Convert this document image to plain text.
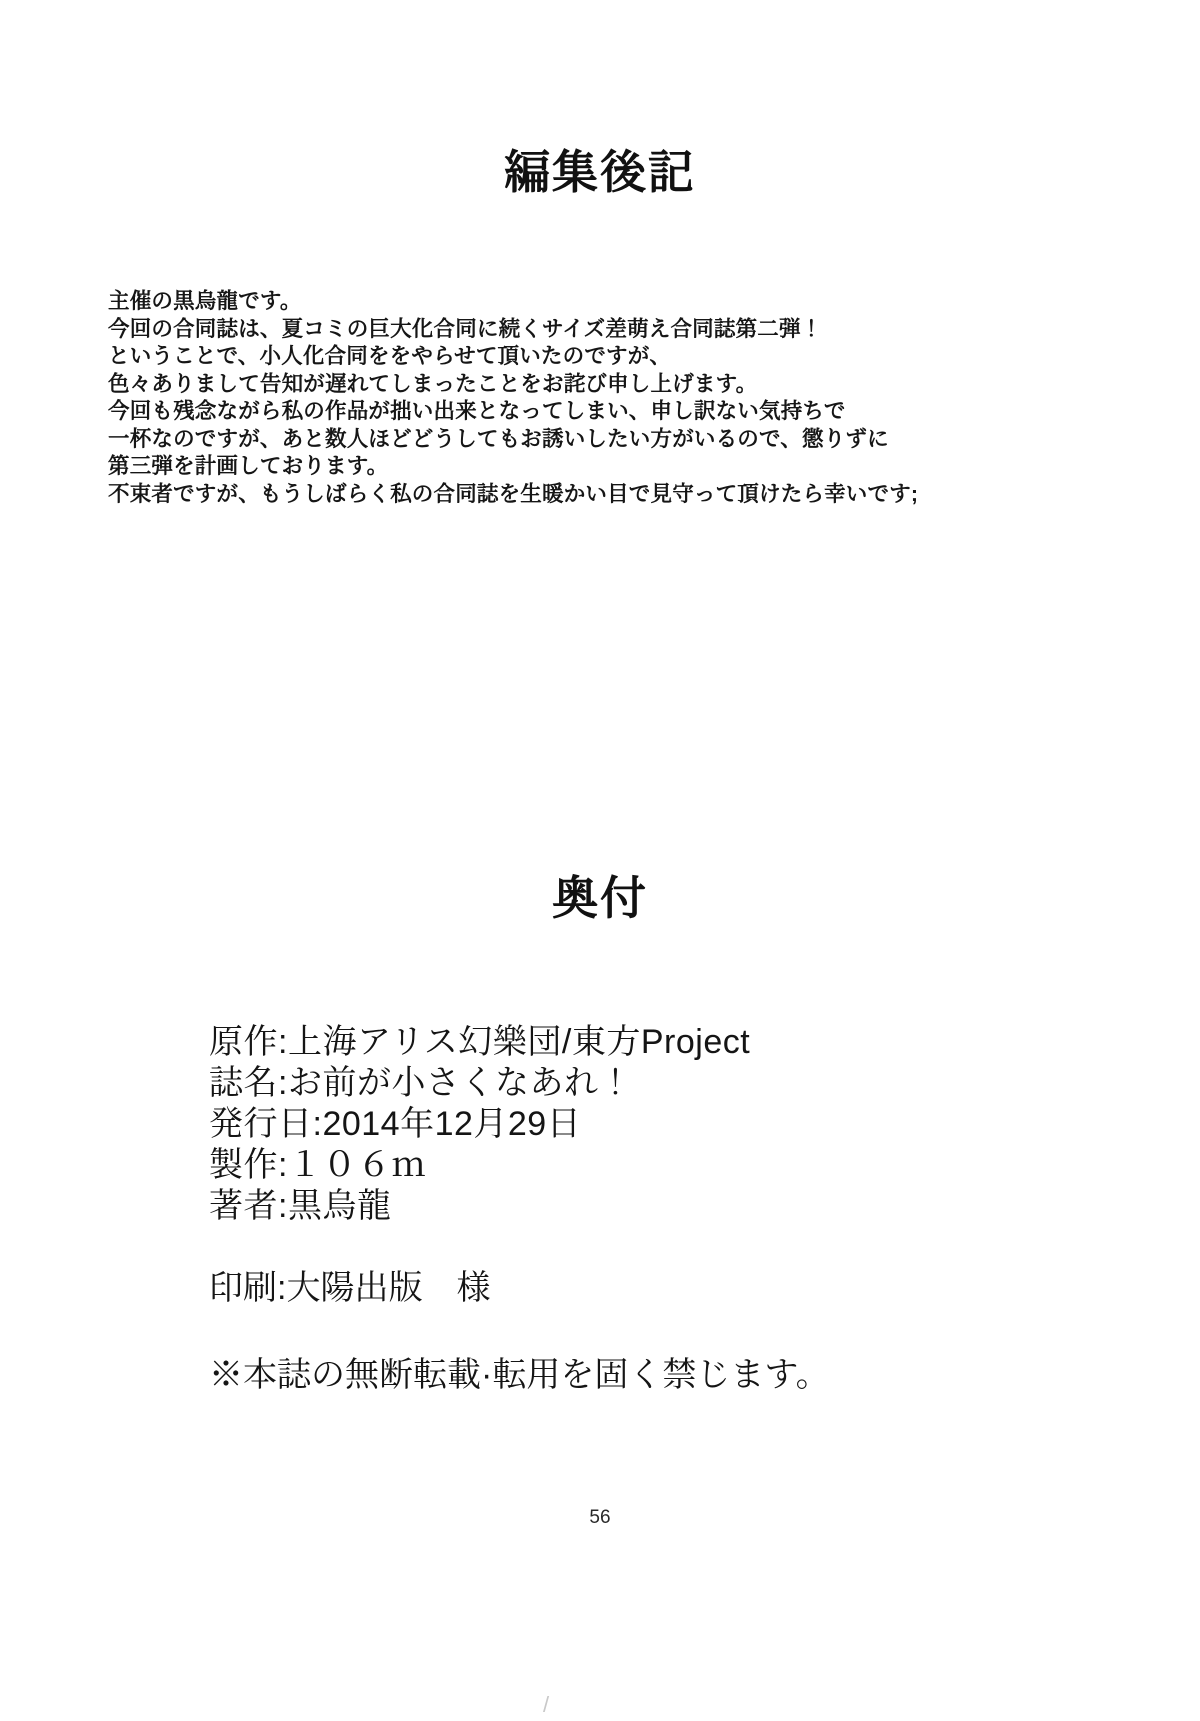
編集後記
主催の黒烏龍です。
今回の合同誌は、夏コミの巨大化合同に続くサイズ差萌え合同誌第二弾！
ということで、小人化合同ををやらせて頂いたのですが、
色々ありまして告知が遅れてしまったことをお詫び申し上げます。
今回も残念ながら私の作品が拙い出来となってしまい、申し訳ない気持ちで
一杯なのですが、あと数人ほどどうしてもお誘いしたい方がいるので、懲りずに
第三弾を計画しております。
不束者ですが、もうしばらく私の合同誌を生暖かい目で見守って頂けたら幸いです;
奥付
原作:上海アリス幻樂団/東方Project
誌名:お前が小さくなあれ！
発行日:2014年12月29日
製作:１０６ｍ
著者:黒烏龍
印刷:大陽出版　様
※本誌の無断転載·転用を固く禁じます。
56
/
